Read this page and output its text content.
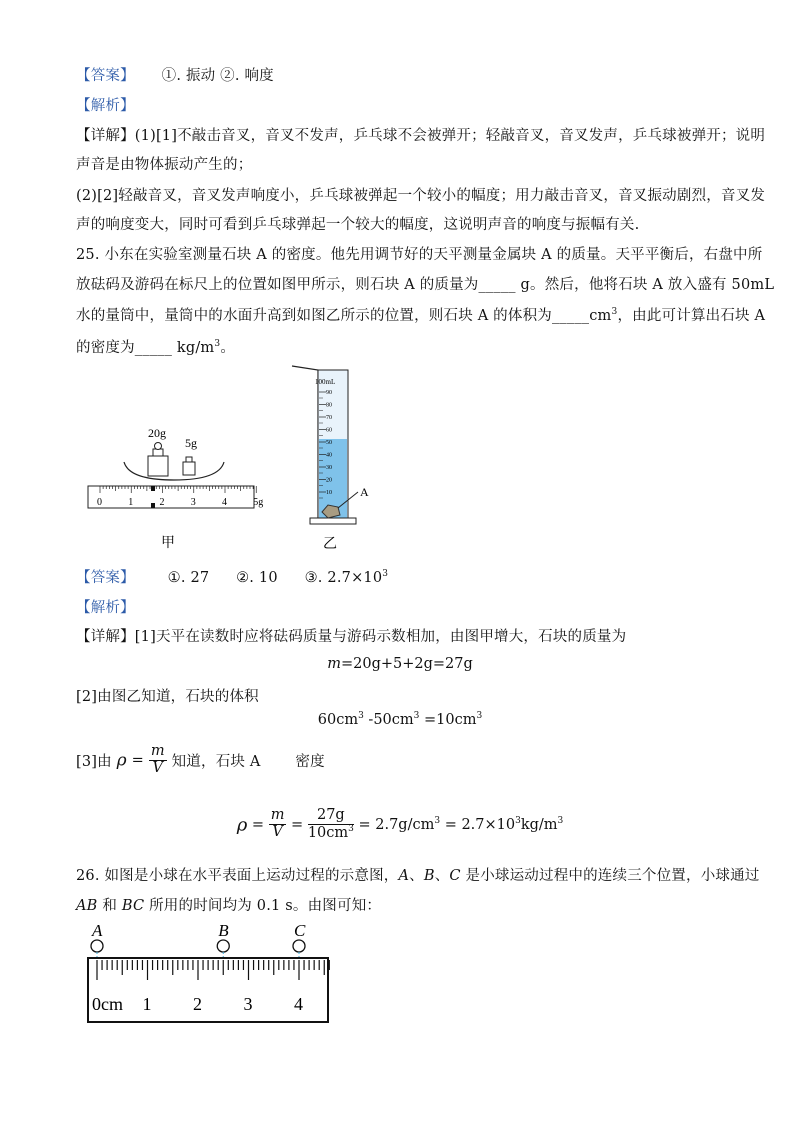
【答案】 ①. 振动 ②. 响度
【解析】
【详解】(1)[1]不敲击音叉，音叉不发声，乒乓球不会被弹开；轻敲音叉，音叉发声，乒乓球被弹开；说明
声音是由物体振动产生的；
(2)[2]轻敲音叉，音叉发声响度小，乒乓球被弹起一个较小的幅度；用力敲击音叉，音叉振动剧烈，音叉发
声的响度变大，同时可看到乒乓球弹起一个较大的幅度，这说明声音的响度与振幅有关.
25. 小东在实验室测量石块 A 的密度。他先用调节好的天平测量金属块 A 的质量。天平平衡后，右盘中所
放砝码及游码在标尺上的位置如图甲所示，则石块 A 的质量为_____ g。然后，他将石块 A 放入盛有 50mL
水的量筒中，量筒中的水面升高到如图乙所示的位置，则石块 A 的体积为$\_\_\_\_\_cm^3$，由此可计算出石块 A
的密度为_____ $kg/m^3$。
20g
5g
0	1	2	3	4	5g
甲
100mL
90
80
70
60
50
40
30
20
10 A
乙
【答案】 ①. 27 ②. 10 ③. $2.7\times 10^3$
【解析】
【详解】[1]天平在读数时应将砝码质量与游码示数相加，由图甲增大，石块的质量为
m=20g+5+2g=27g
[2]由图乙知道，石块的体积
$60cm^3$ $-50cm^3 =10cm^3$
[3]由 $\rho = \frac{m}{V}$ 知道，石块 A 密度
$\rho = \frac{m}{V} = \frac{27g}{10cm^3} = 2.7g/cm^3 = 2.7\times 10^3kg/m^3$
26. 如图是小球在水平表面上运动过程的示意图，A、B、C 是小球运动过程中的连续三个位置，小球通过
AB 和 BC 所用的时间均为 0.1 s。由图可知：
A	B	C
0cm 1 2 3 4
